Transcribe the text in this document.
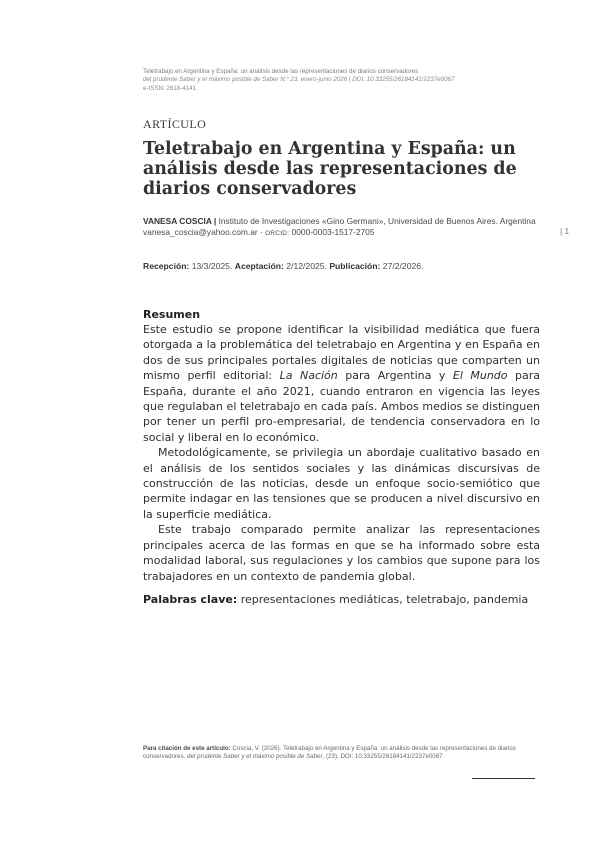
Teletrabajo en Argentina y España: un análisis desde las representaciones de diarios conservadores
del prudente Saber y el máximo posible de Saber N.º 23, enero-junio 2026 | DOI: 10.33255/26184141/2237e0067
e-ISSN: 2618-4141
ARTÍCULO
Teletrabajo en Argentina y España: un análisis desde las representaciones de diarios conservadores
VANESA COSCIA | Instituto de Investigaciones «Gino Germani», Universidad de Buenos Aires. Argentina
vanesa_coscia@yahoo.com.ar · ORCID: 0000-0003-1517-2705	| 1
Recepción: 13/3/2025. Aceptación: 2/12/2025. Publicación: 27/2/2026.
Resumen

Este estudio se propone identificar la visibilidad mediática que fuera otorgada a la problemática del teletrabajo en Argentina y en España en dos de sus principales portales digitales de noticias que comparten un mismo perfil editorial: La Nación para Argentina y El Mundo para España, durante el año 2021, cuando entraron en vigencia las leyes que regulaban el teletrabajo en cada país. Ambos medios se distinguen por tener un perfil pro-empresarial, de tendencia conservadora en lo social y liberal en lo económico.

Metodológicamente, se privilegia un abordaje cualitativo basado en el análisis de los sentidos sociales y las dinámicas discursivas de construcción de las noticias, desde un enfoque socio-semiótico que permite indagar en las tensiones que se producen a nivel discursivo en la superficie mediática.

Este trabajo comparado permite analizar las representaciones principales acerca de las formas en que se ha informado sobre esta modalidad laboral, sus regulaciones y los cambios que supone para los trabajadores en un contexto de pandemia global.

Palabras clave: representaciones mediáticas, teletrabajo, pandemia

Para citación de este artículo: Coscia, V. (2026). Teletrabajo en Argentina y España: un análisis desde las representaciones de diarios conservadores. del prudente Saber y el máximo posible de Saber, (23). DOI: 10.33255/26184141/2237e0067
